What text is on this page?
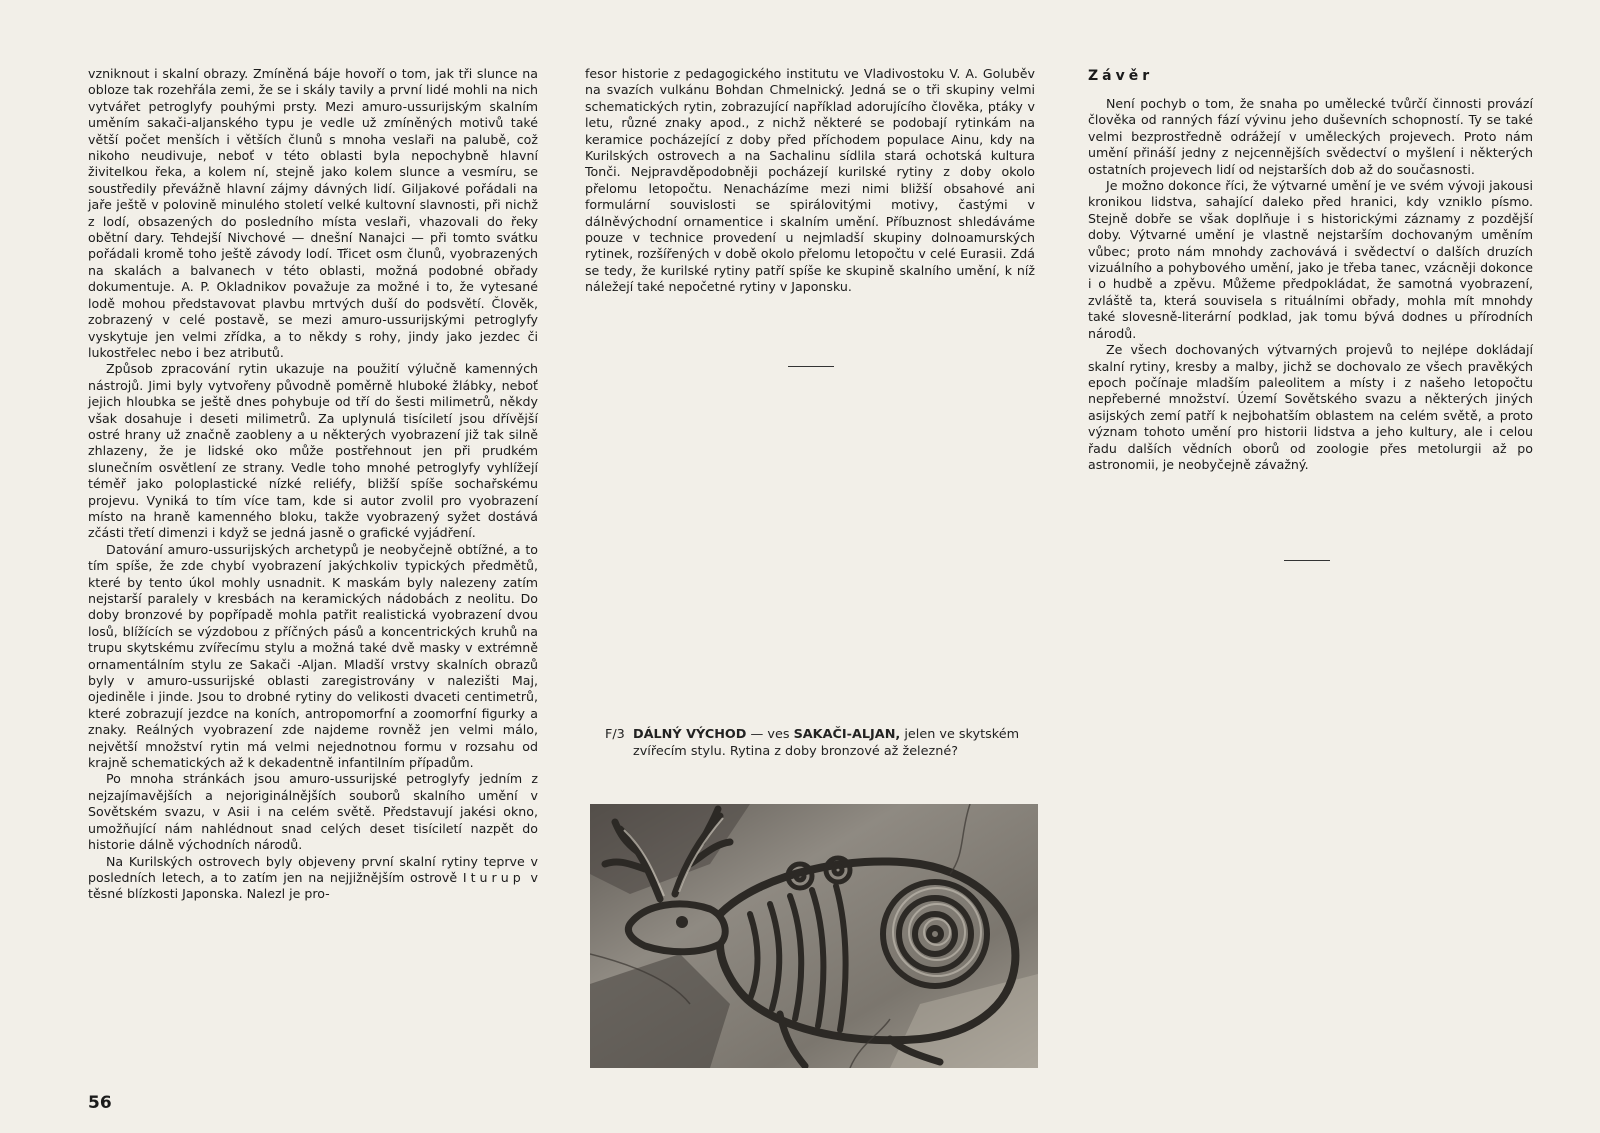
vzniknout i skalní obrazy. Zmíněná báje hovoří o tom, jak tři slunce na obloze tak rozehřála zemi, že se i skály tavily a první lidé mohli na nich vytvářet petroglyfy pouhými prsty. Mezi amuro-ussurijským skalním uměním sakači-aljanského typu je vedle už zmíněných motivů také větší počet menších i větších člunů s mnoha veslaři na palubě, což nikoho neudivuje, neboť v této oblasti byla nepochybně hlavní živitelkou řeka, a kolem ní, stejně jako kolem slunce a vesmíru, se soustředily převážně hlavní zájmy dávných lidí. Giljakové pořádali na jaře ještě v polovině minulého století velké kultovní slavnosti, při nichž z lodí, obsazených do posledního místa veslaři, vhazovali do řeky obětní dary. Tehdejší Nivchové — dnešní Nanajci — při tomto svátku pořádali kromě toho ještě závody lodí. Třicet osm člunů, vyobrazených na skalách a balvanech v této oblasti, možná podobné obřady dokumentuje. A. P. Okladnikov považuje za možné i to, že vytesané lodě mohou představovat plavbu mrtvých duší do podsvětí. Člověk, zobrazený v celé postavě, se mezi amuro-ussurijskými petroglyfy vyskytuje jen velmi zřídka, a to někdy s rohy, jindy jako jezdec či lukostřelec nebo i bez atributů.

Způsob zpracování rytin ukazuje na použití výlučně kamenných nástrojů. Jimi byly vytvořeny původně poměrně hluboké žlábky, neboť jejich hloubka se ještě dnes pohybuje od tří do šesti milimetrů, někdy však dosahuje i deseti milimetrů. Za uplynulá tisíciletí jsou dřívější ostré hrany už značně zaobleny a u některých vyobrazení již tak silně zhlazeny, že je lidské oko může postřehnout jen při prudkém slunečním osvětlení ze strany. Vedle toho mnohé petroglyfy vyhlížejí téměř jako poloplastické nízké reliéfy, bližší spíše sochařskému projevu. Vyniká to tím více tam, kde si autor zvolil pro vyobrazení místo na hraně kamenného bloku, takže vyobrazený syžet dostává zčásti třetí dimenzi i když se jedná jasně o grafické vyjádření.

Datování amuro-ussurijských archetypů je neobyčejně obtížné, a to tím spíše, že zde chybí vyobrazení jakýchkoliv typických předmětů, které by tento úkol mohly usnadnit. K maskám byly nalezeny zatím nejstarší paralely v kresbách na keramických nádobách z neolitu. Do doby bronzové by popřípadě mohla patřit realistická vyobrazení dvou losů, blížících se výzdobou z příčných pásů a koncentrických kruhů na trupu skytskému zvířecímu stylu a možná také dvě masky v extrémně ornamentálním stylu ze Sakači -Aljan. Mladší vrstvy skalních obrazů byly v amuro-ussurijské oblasti zaregistrovány v nalezišti Maj, ojediněle i jinde. Jsou to drobné rytiny do velikosti dvaceti centimetrů, které zobrazují jezdce na koních, antropomorfní a zoomorfní figurky a znaky. Reálných vyobrazení zde najdeme rovněž jen velmi málo, největší množství rytin má velmi nejednotnou formu v rozsahu od krajně schematických až k dekadentně infantilním případům.

Po mnoha stránkách jsou amuro-ussurijské petroglyfy jedním z nejzajímavějších a nejoriginálnějších souborů skalního umění v Sovětském svazu, v Asii i na celém světě. Představují jakési okno, umožňující nám nahlédnout snad celých deset tisíciletí nazpět do historie dálně východních národů.

Na Kurilských ostrovech byly objeveny první skalní rytiny teprve v posledních letech, a to zatím jen na nejjižnějším ostrově Iturup v těsné blízkosti Japonska. Nalezl je pro-

fesor historie z pedagogického institutu ve Vladivostoku V. A. Goluběv na svazích vulkánu Bohdan Chmelnický. Jedná se o tři skupiny velmi schematických rytin, zobrazující například adorujícího člověka, ptáky v letu, různé znaky apod., z nichž některé se podobají rytinkám na keramice pocházející z doby před příchodem populace Ainu, kdy na Kurilských ostrovech a na Sachalinu sídlila stará ochotská kultura Tonči. Nejpravděpodobněji pocházejí kurilské rytiny z doby okolo přelomu letopočtu. Nenacházíme mezi nimi bližší obsahové ani formulární souvislosti se spirálovitými motivy, častými v dálněvýchodní ornamentice i skalním umění. Příbuznost shledáváme pouze v technice provedení u nejmladší skupiny dolnoamurských rytinek, rozšířených v době okolo přelomu letopočtu v celé Eurasii. Zdá se tedy, že kurilské rytiny patří spíše ke skupině skalního umění, k níž náležejí také nepočetné rytiny v Japonsku.

Závěr

Není pochyb o tom, že snaha po umělecké tvůrčí činnosti provází člověka od ranných fází vývinu jeho duševních schopností. Ty se také velmi bezprostředně odrážejí v uměleckých projevech. Proto nám umění přináší jedny z nejcennějších svědectví o myšlení i některých ostatních projevech lidí od nejstarších dob až do současnosti.

Je možno dokonce říci, že výtvarné umění je ve svém vývoji jakousi kronikou lidstva, sahající daleko před hranici, kdy vzniklo písmo. Stejně dobře se však doplňuje i s historickými záznamy z pozdější doby. Výtvarné umění je vlastně nejstarším dochovaným uměním vůbec; proto nám mnohdy zachovává i svědectví o dalších druzích vizuálního a pohybového umění, jako je třeba tanec, vzácněji dokonce i o hudbě a zpěvu. Můžeme předpokládat, že samotná vyobrazení, zvláště ta, která souvisela s rituálními obřady, mohla mít mnohdy také slovesně-literární podklad, jak tomu bývá dodnes u přírodních národů.

Ze všech dochovaných výtvarných projevů to nejlépe dokládají skalní rytiny, kresby a malby, jichž se dochovalo ze všech pravěkých epoch počínaje mladším paleolitem a místy i z našeho letopočtu nepřeberné množství. Území Sovětského svazu a některých jiných asijských zemí patří k nejbohatším oblastem na celém světě, a proto význam tohoto umění pro historii lidstva a jeho kultury, ale i celou řadu dalších vědních oborů od zoologie přes metolurgii až po astronomii, je neobyčejně závažný.

F/3 DÁLNÝ VÝCHOD — ves SAKAČI-ALJAN, jelen ve skytském zvířecím stylu. Rytina z doby bronzové až železné?
56
